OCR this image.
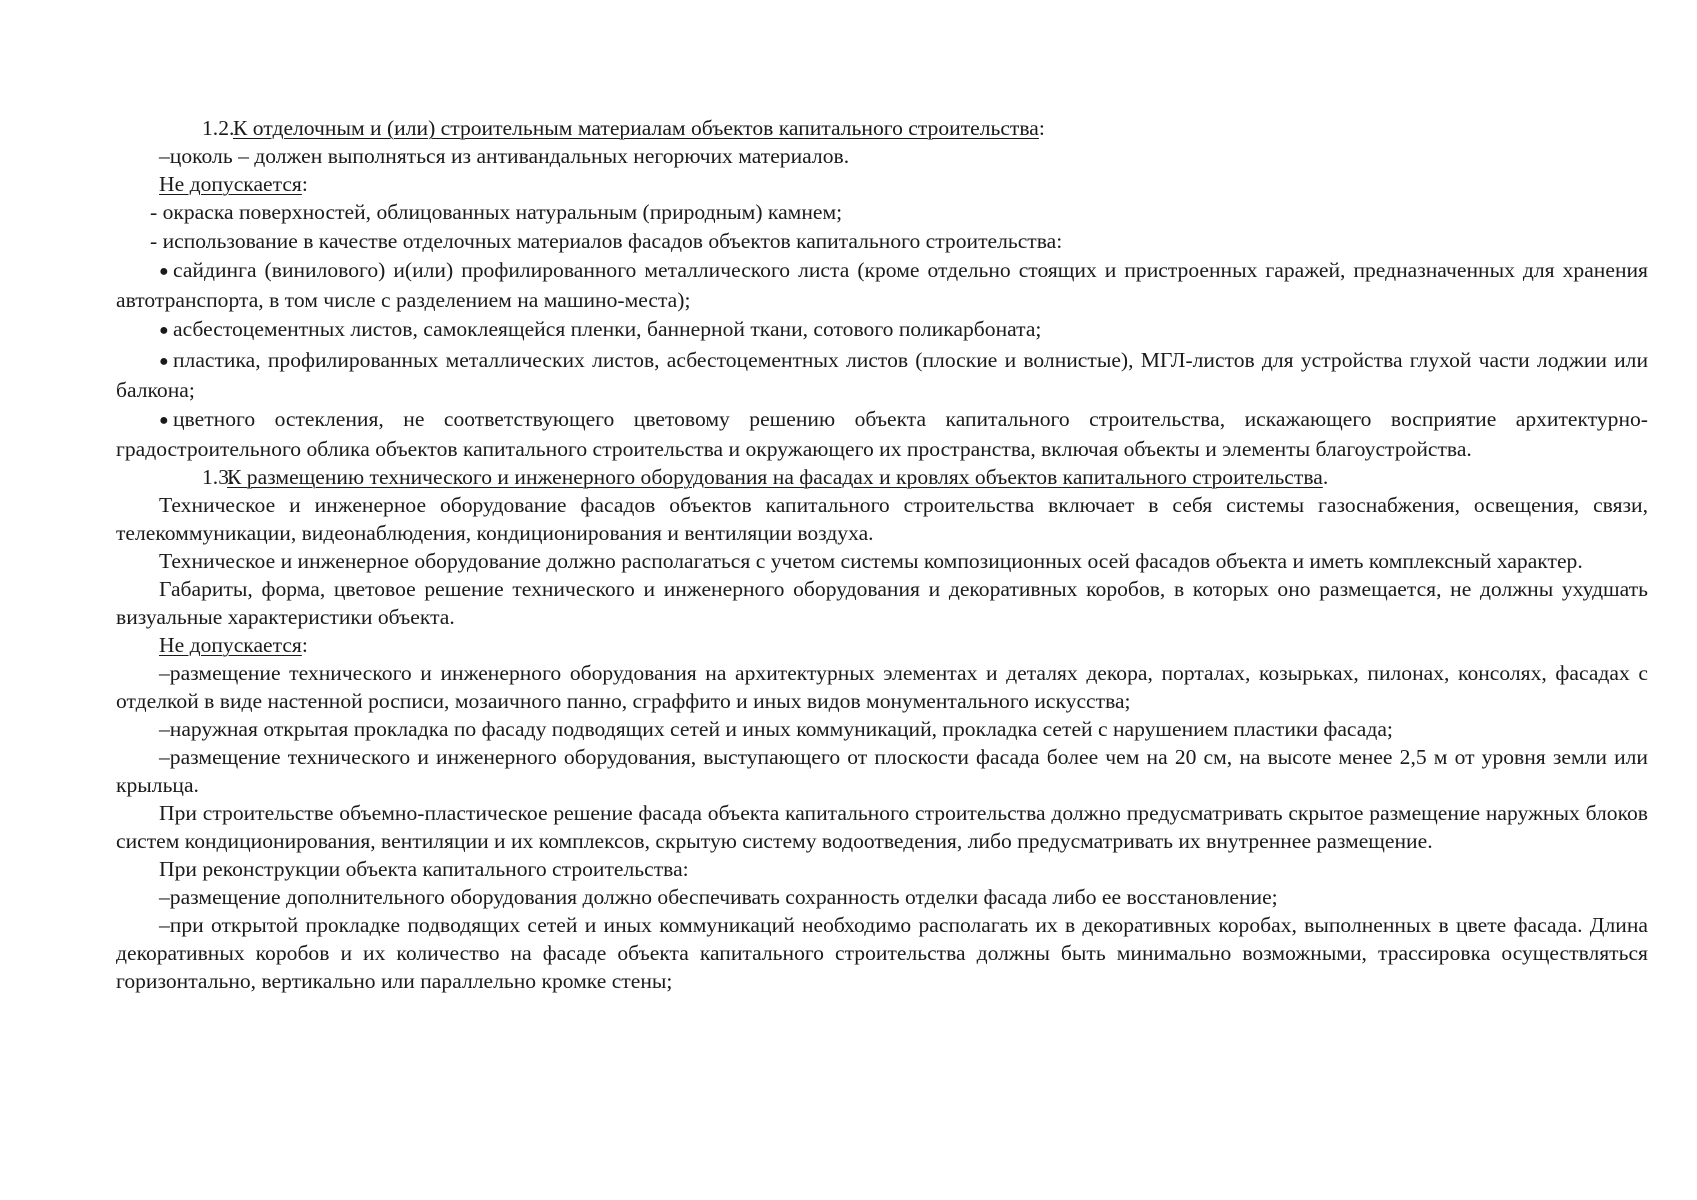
1.2.К отделочным и (или) строительным материалам объектов капитального строительства:

–цоколь – должен выполняться из антивандальных негорючих материалов.

Не допускается:

- окраска поверхностей, облицованных натуральным (природным) камнем;

- использование в качестве отделочных материалов фасадов объектов капитального строительства:

● сайдинга (винилового) и(или) профилированного металлического листа (кроме отдельно стоящих и пристроенных гаражей, предназначенных для хранения автотранспорта, в том числе с разделением на машино-места);

● асбестоцементных листов, самоклеящейся пленки, баннерной ткани, сотового поликарбоната;

● пластика, профилированных металлических листов, асбестоцементных листов (плоские и волнистые), МГЛ-листов для устройства глухой части лоджии или балкона;

● цветного остекления, не соответствующего цветовому решению объекта капитального строительства, искажающего восприятие архитектурно-градостроительного облика объектов капитального строительства и окружающего их пространства, включая объекты и элементы благоустройства.

1.3.К размещению технического и инженерного оборудования на фасадах и кровлях объектов капитального строительства.

Техническое и инженерное оборудование фасадов объектов капитального строительства включает в себя системы газоснабжения, освещения, связи, телекоммуникации, видеонаблюдения, кондиционирования и вентиляции воздуха.

Техническое и инженерное оборудование должно располагаться с учетом системы композиционных осей фасадов объекта и иметь комплексный характер.

Габариты, форма, цветовое решение технического и инженерного оборудования и декоративных коробов, в которых оно размещается, не должны ухудшать визуальные характеристики объекта.

Не допускается:

–размещение технического и инженерного оборудования на архитектурных элементах и деталях декора, порталах, козырьках, пилонах, консолях, фасадах с отделкой в виде настенной росписи, мозаичного панно, сграффито и иных видов монументального искусства;

–наружная открытая прокладка по фасаду подводящих сетей и иных коммуникаций, прокладка сетей с нарушением пластики фасада;

–размещение технического и инженерного оборудования, выступающего от плоскости фасада более чем на 20 см, на высоте менее 2,5 м от уровня земли или крыльца.

При строительстве объемно-пластическое решение фасада объекта капитального строительства должно предусматривать скрытое размещение наружных блоков систем кондиционирования, вентиляции и их комплексов, скрытую систему водоотведения, либо предусматривать их внутреннее размещение.

При реконструкции объекта капитального строительства:

–размещение дополнительного оборудования должно обеспечивать сохранность отделки фасада либо ее восстановление;

–при открытой прокладке подводящих сетей и иных коммуникаций необходимо располагать их в декоративных коробах, выполненных в цвете фасада. Длина декоративных коробов и их количество на фасаде объекта капитального строительства должны быть минимально возможными, трассировка осуществляться горизонтально, вертикально или параллельно кромке стены;
